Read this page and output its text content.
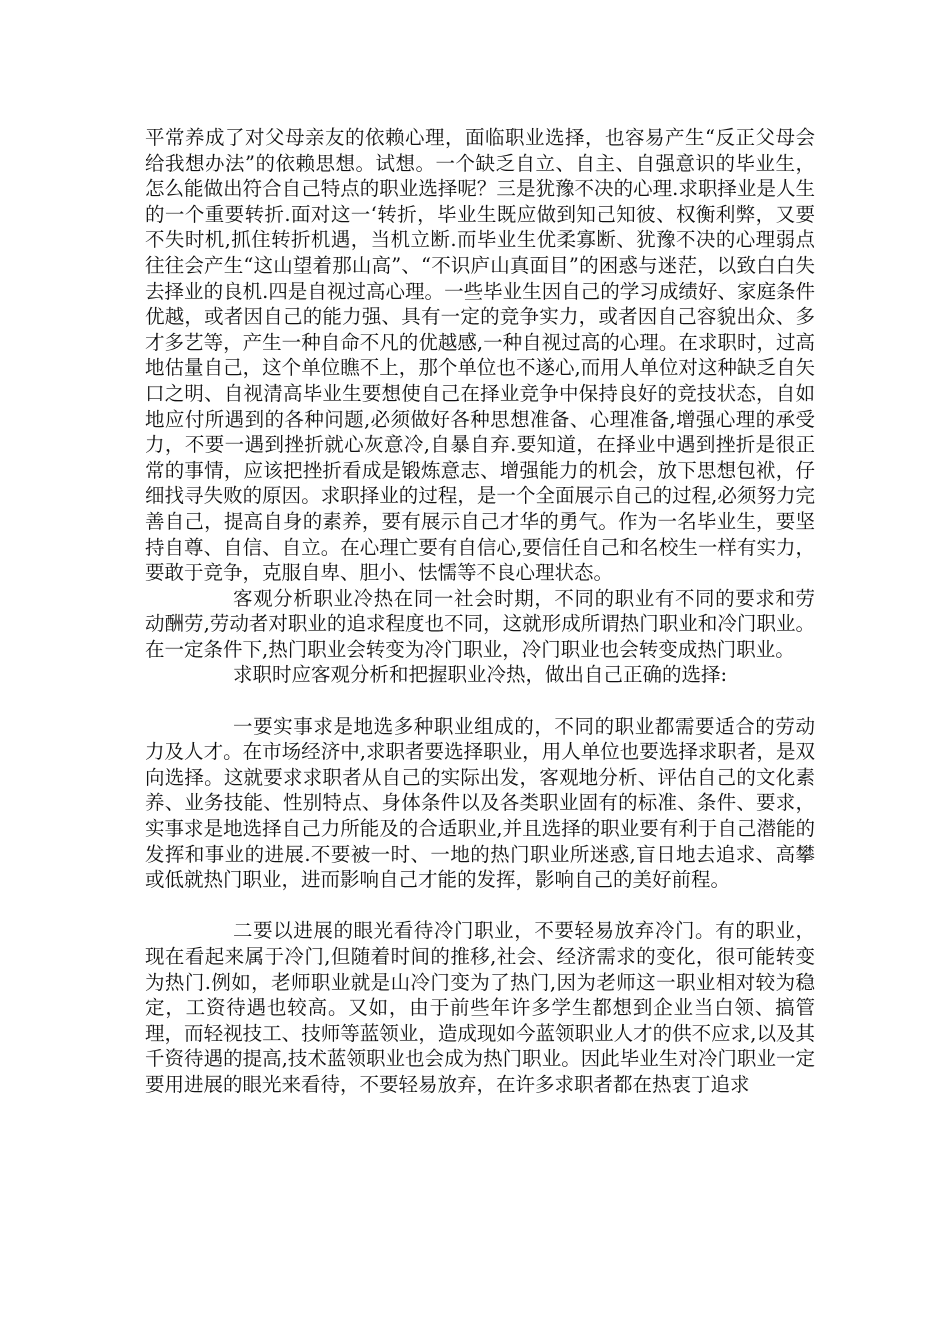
平常养成了对父母亲友的依赖心理，面临职业选择，也容易产生“反正父母会给我想办法”的依赖思想。试想。一个缺乏自立、自主、自强意识的毕业生，怎么能做出符合自己特点的职业选择呢？三是犹豫不决的心理.求职择业是人生的一个重要转折.面对这一‘转折，毕业生既应做到知己知彼、权衡利弊，又要不失时机,抓住转折机遇，当机立断.而毕业生优柔寡断、犹豫不决的心理弱点往往会产生“这山望着那山高”、“不识庐山真面目”的困惑与迷茫，以致白白失去择业的良机.四是自视过高心理。一些毕业生因自己的学习成绩好、家庭条件优越，或者因自己的能力强、具有一定的竞争实力，或者因自己容貌出众、多才多艺等，产生一种自命不凡的优越感,一种自视过高的心理。在求职时，过高地估量自己，这个单位瞧不上，那个单位也不遂心,而用人单位对这种缺乏自矢口之明、自视清高毕业生要想使自己在择业竞争中保持良好的竞技状态，自如地应付所遇到的各种问题,必须做好各种思想准备、心理准备,增强心理的承受力，不要一遇到挫折就心灰意冷,自暴自弃.要知道，在择业中遇到挫折是很正常的事情，应该把挫折看成是锻炼意志、增强能力的机会，放下思想包袱，仔细找寻失败的原因。求职择业的过程，是一个全面展示自己的过程,必须努力完善自己，提高自身的素养，要有展示自己才华的勇气。作为一名毕业生，要坚持自尊、自信、自立。在心理亡要有自信心,要信任自己和名校生一样有实力，要敢于竞争，克服自卑、胆小、怯懦等不良心理状态。

客观分析职业冷热在同一社会时期，不同的职业有不同的要求和劳动酬劳,劳动者对职业的追求程度也不同，这就形成所谓热门职业和冷门职业。在一定条件下,热门职业会转变为冷门职业，冷门职业也会转变成热门职业。

求职时应客观分析和把握职业冷热，做出自己正确的选择:

一要实事求是地选多种职业组成的，不同的职业都需要适合的劳动力及人才。在市场经济中,求职者要选择职业，用人单位也要选择求职者，是双向选择。这就要求求职者从自己的实际出发，客观地分析、评估自己的文化素养、业务技能、性别特点、身体条件以及各类职业固有的标准、条件、要求，实事求是地选择自己力所能及的合适职业,并且选择的职业要有利于自己潜能的发挥和事业的进展.不要被一时、一地的热门职业所迷惑,盲日地去追求、高攀或低就热门职业，进而影响自己才能的发挥，影响自己的美好前程。

二要以进展的眼光看待冷门职业，不要轻易放弃冷门。有的职业，现在看起来属于冷门,但随着时间的推移,社会、经济需求的变化，很可能转变为热门.例如，老师职业就是山冷门变为了热门,因为老师这一职业相对较为稳定，工资待遇也较高。又如，由于前些年许多学生都想到企业当白领、搞管理，而轻视技工、技师等蓝领业，造成现如今蓝领职业人才的供不应求,以及其千资待遇的提高,技术蓝领职业也会成为热门职业。因此毕业生对冷门职业一定要用进展的眼光来看待，不要轻易放弃，在许多求职者都在热衷丁追求
